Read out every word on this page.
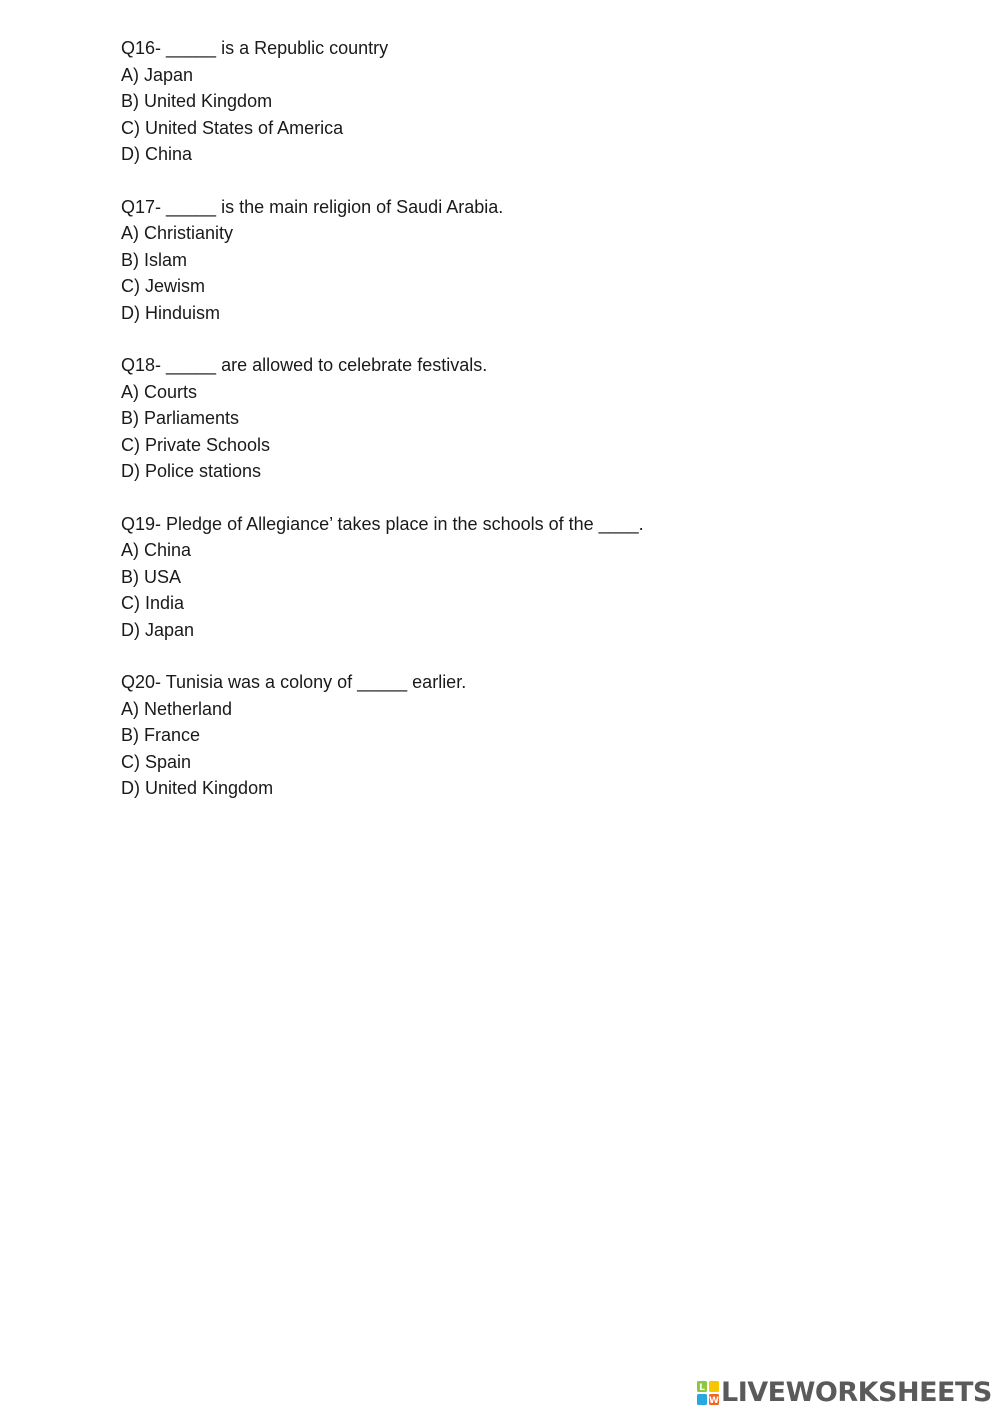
Q16- _____ is a Republic country
A) Japan
B) United Kingdom
C) United States of America
D) China
Q17- _____ is the main religion of Saudi Arabia.
A) Christianity
B) Islam
C) Jewism
D) Hinduism
Q18- _____ are allowed to celebrate festivals.
A) Courts
B) Parliaments
C) Private Schools
D) Police stations
Q19- Pledge of Allegiance’ takes place in the schools of the ____.
A) China
B) USA
C) India
D) Japan
Q20- Tunisia was a colony of _____ earlier.
A) Netherland
B) France
C) Spain
D) United Kingdom
L
W LIVEWORKSHEETS
